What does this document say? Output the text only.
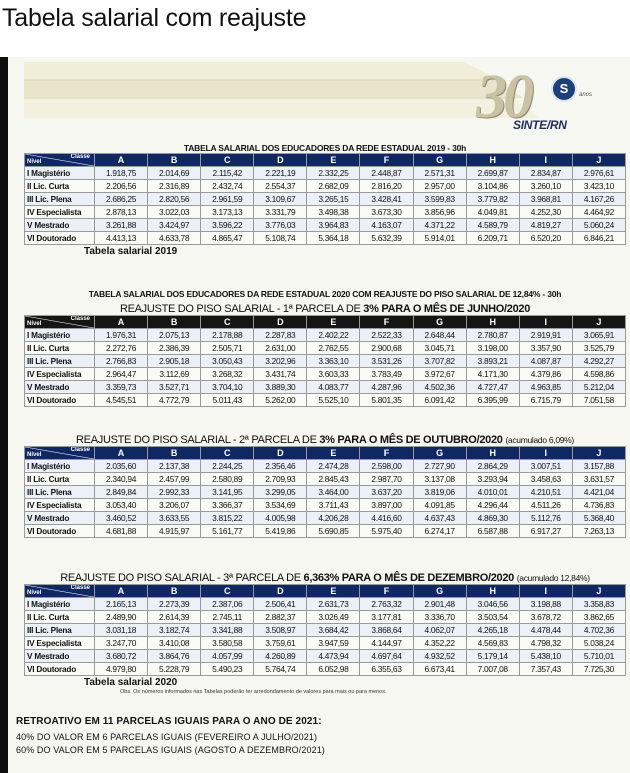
Tabela salarial com reajuste
30	S	anos
SINTE/RN
TABELA SALARIAL DOS EDUCADORES DA REDE ESTADUAL 2019 - 30h
Classe
Nível	A	B	C	D	E	F	G	H	I	J
I Magistério	1.918,75	2.014,69	2.115,42	2.221,19	2.332,25	2.448,87	2.571,31	2.699,87	2.834,87	2.976,61
II Lic. Curta	2.206,56	2.316,89	2.432,74	2.554,37	2.682,09	2.816,20	2.957,00	3.104,86	3.260,10	3.423,10
III Lic. Plena	2.686,25	2.820,56	2.961,59	3.109,67	3.265,15	3.428,41	3.599,83	3.779,82	3.968,81	4.167,26
IV Especialista	2.878,13	3.022,03	3.173,13	3.331,79	3.498,38	3.673,30	3.856,96	4.049,81	4.252,30	4.464,92
V Mestrado	3.261,88	3.424,97	3.596,22	3.776,03	3.964,83	4.163,07	4.371,22	4.589,79	4.819,27	5.060,24
VI Doutorado	4.413,13	4.633,78	4.865,47	5.108,74	5.364,18	5.632,39	5.914,01	6.209,71	6.520,20	6.846,21
Tabela salarial 2019
TABELA SALARIAL DOS EDUCADORES DA REDE ESTADUAL 2020 COM REAJUSTE DO PISO SALARIAL DE 12,84% - 30h
REAJUSTE DO PISO SALARIAL - 1ª PARCELA DE 3% PARA O MÊS DE JUNHO/2020
Classe
Nível	A	B	C	D	E	F	G	H	I	J
I Magistério	1.976,31	2.075,13	2.178,88	2.287,83	2.402,22	2.522,33	2.648,44	2.780,87	2.919,91	3.065,91
II Lic. Curta	2.272,76	2.386,39	2.505,71	2.631,00	2.762,55	2.900,68	3.045,71	3.198,00	3.357,90	3.525,79
III Lic. Plena	2.766,83	2.905,18	3.050,43	3.202,96	3.363,10	3.531,26	3.707,82	3.893,21	4.087,87	4.292,27
IV Especialista	2.964,47	3.112,69	3.268,32	3.431,74	3.603,33	3.783,49	3.972,67	4.171,30	4.379,86	4.598,86
V Mestrado	3.359,73	3.527,71	3.704,10	3.889,30	4.083,77	4.287,96	4.502,36	4.727,47	4.963,85	5.212,04
VI Doutorado	4.545,51	4.772,79	5.011,43	5.262,00	5.525,10	5.801,35	6.091,42	6.395,99	6.715,79	7.051,58
REAJUSTE DO PISO SALARIAL - 2ª PARCELA DE 3% PARA O MÊS DE OUTUBRO/2020 (acumulado 6,09%)
Classe
Nível	A	B	C	D	E	F	G	H	I	J
I Magistério	2.035,60	2.137,38	2.244,25	2.356,46	2.474,28	2.598,00	2.727,90	2.864,29	3.007,51	3.157,88
II Lic. Curta	2.340,94	2.457,99	2.580,89	2.709,93	2.845,43	2.987,70	3.137,08	3.293,94	3.458,63	3.631,57
III Lic. Plena	2.849,84	2.992,33	3.141,95	3.299,05	3.464,00	3.637,20	3.819,06	4.010,01	4.210,51	4.421,04
IV Especialista	3.053,40	3.206,07	3.366,37	3.534,69	3.711,43	3.897,00	4.091,85	4.296,44	4.511,26	4.736,83
V Mestrado	3.460,52	3.633,55	3.815,22	4.005,98	4.206,28	4.416,60	4.637,43	4.869,30	5.112,76	5.368,40
VI Doutorado	4.681,88	4.915,97	5.161,77	5.419,86	5.690,85	5.975,40	6.274,17	6.587,88	6.917,27	7.263,13
REAJUSTE DO PISO SALARIAL - 3ª PARCELA DE 6,363% PARA O MÊS DE DEZEMBRO/2020 (acumulado 12,84%)
Classe
Nível	A	B	C	D	E	F	G	H	I	J
I Magistério	2.165,13	2.273,39	2.387,06	2.506,41	2.631,73	2.763,32	2.901,48	3.046,56	3.198,88	3.358,83
II Lic. Curta	2.489,90	2.614,39	2.745,11	2.882,37	3.026,49	3.177,81	3.336,70	3.503,54	3.678,72	3.862,65
III Lic. Plena	3.031,18	3.182,74	3.341,88	3.508,97	3.684,42	3.868,64	4.062,07	4.265,18	4.478,44	4.702,36
IV Especialista	3.247,70	3.410,08	3.580,58	3.759,61	3.947,59	4.144,97	4.352,22	4.569,83	4.798,32	5.038,24
V Mestrado	3.680,72	3.864,76	4.057,99	4.260,89	4.473,94	4.697,64	4.932,52	5.179,14	5.438,10	5.710,01
VI Doutorado	4.979,80	5.228,79	5.490,23	5.764,74	6.052,98	6.355,63	6.673,41	7.007,08	7.357,43	7.725,30
Tabela salarial 2020
Obs. Os números informados nas Tabelas poderão ter arredondamento de valores para mais ou para menos.
RETROATIVO EM 11 PARCELAS IGUAIS PARA O ANO DE 2021:
40% DO VALOR EM 6 PARCELAS IGUAIS (FEVEREIRO A JULHO/2021)
60% DO VALOR EM 5 PARCELAS IGUAIS (AGOSTO A DEZEMBRO/2021)
